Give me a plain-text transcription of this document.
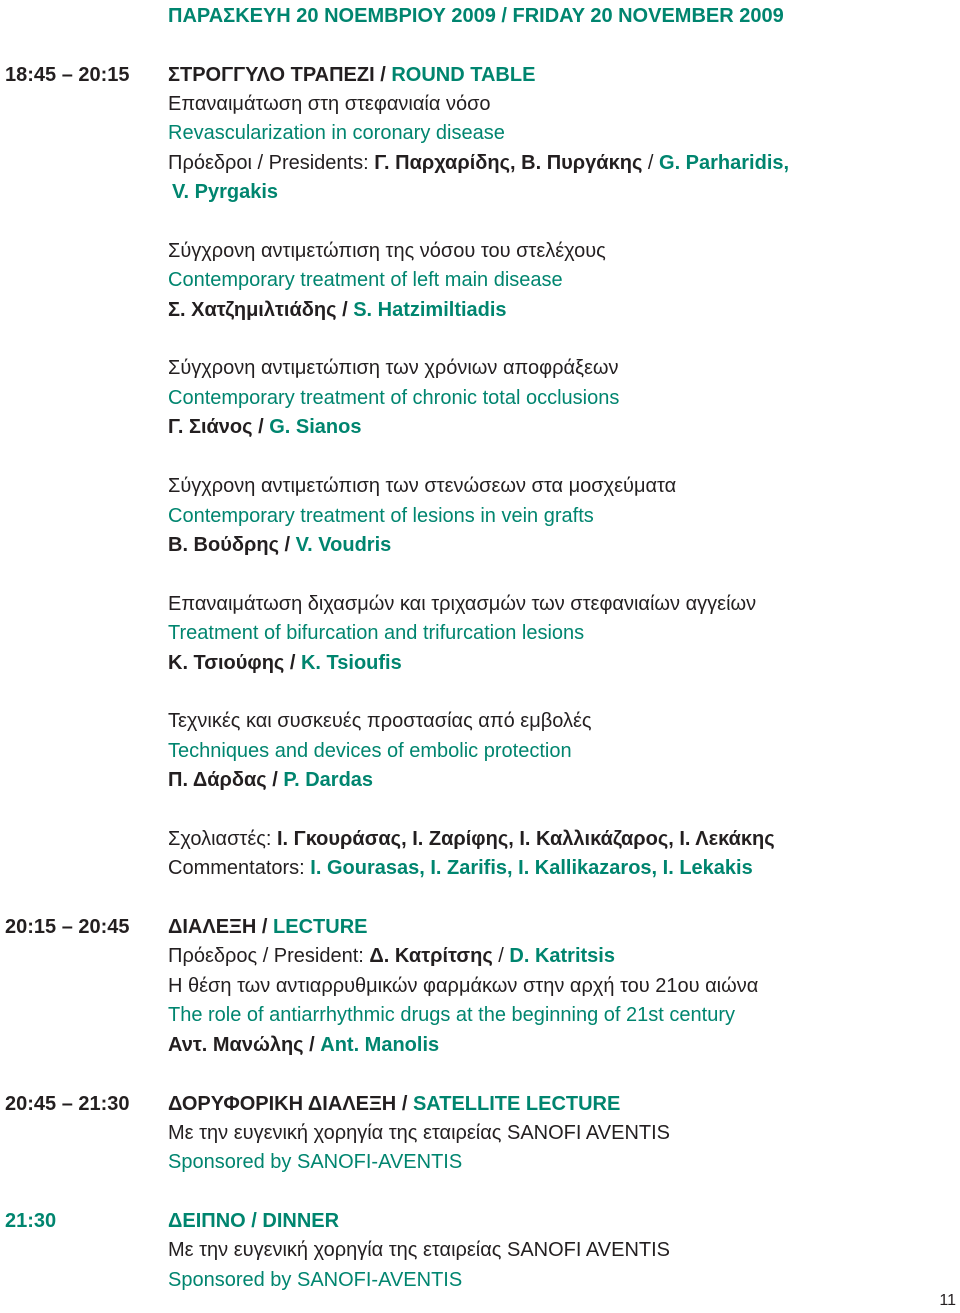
ΠΑΡΑΣΚΕΥΗ 20 ΝΟΕΜΒΡΙΟΥ 2009 / FRIDAY 20 NOVEMBER 2009
18:45 – 20:15 ΣΤΡΟΓΓΥΛΟ ΤΡΑΠΕΖΙ / ROUND TABLE
Επαναιμάτωση στη στεφανιαία νόσο
Revascularization in coronary disease
Πρόεδροι / Presidents: Γ. Παρχαρίδης, Β. Πυργάκης / G. Parharidis,
V. Pyrgakis
Σύγχρονη αντιμετώπιση της νόσου του στελέχους
Contemporary treatment of left main disease
Σ. Χατζημιλτιάδης / S. Hatzimiltiadis
Σύγχρονη αντιμετώπιση των χρόνιων αποφράξεων
Contemporary treatment of chronic total occlusions
Γ. Σιάνος / G. Sianos
Σύγχρονη αντιμετώπιση των στενώσεων στα μοσχεύματα
Contemporary treatment of lesions in vein grafts
Β. Βούδρης / V. Voudris
Επαναιμάτωση διχασμών και τριχασμών των στεφανιαίων αγγείων
Treatment of bifurcation and trifurcation lesions
Κ. Τσιούφης / K. Tsioufis
Τεχνικές και συσκευές προστασίας από εμβολές
Techniques and devices of embolic protection
Π. Δάρδας / P. Dardas
Σχολιαστές: Ι. Γκουράσας, Ι. Ζαρίφης, Ι. Καλλικάζαρος, Ι. Λεκάκης
Commentators: I. Gourasas, I. Zarifis, I. Kallikazaros, I. Lekakis
20:15 – 20:45 ΔΙΑΛΕΞΗ / LECTURE
Πρόεδρος / President: Δ. Κατρίτσης / D. Katritsis
Η θέση των αντιαρρυθμικών φαρμάκων στην αρχή του 21ου αιώνα
The role of antiarrhythmic drugs at the beginning of 21st century
Αντ. Μανώλης / Ant. Manolis
20:45 – 21:30 ΔΟΡΥΦΟΡΙΚΗ ΔΙΑΛΕΞΗ / SATELLITE LECTURE
Με την ευγενική χορηγία της εταιρείας SANOFI AVENTIS
Sponsored by SANOFI-AVENTIS
21:30	ΔΕΙΠΝΟ / DINNER
Με την ευγενική χορηγία της εταιρείας SANOFI AVENTIS
Sponsored by SANOFI-AVENTIS
11
